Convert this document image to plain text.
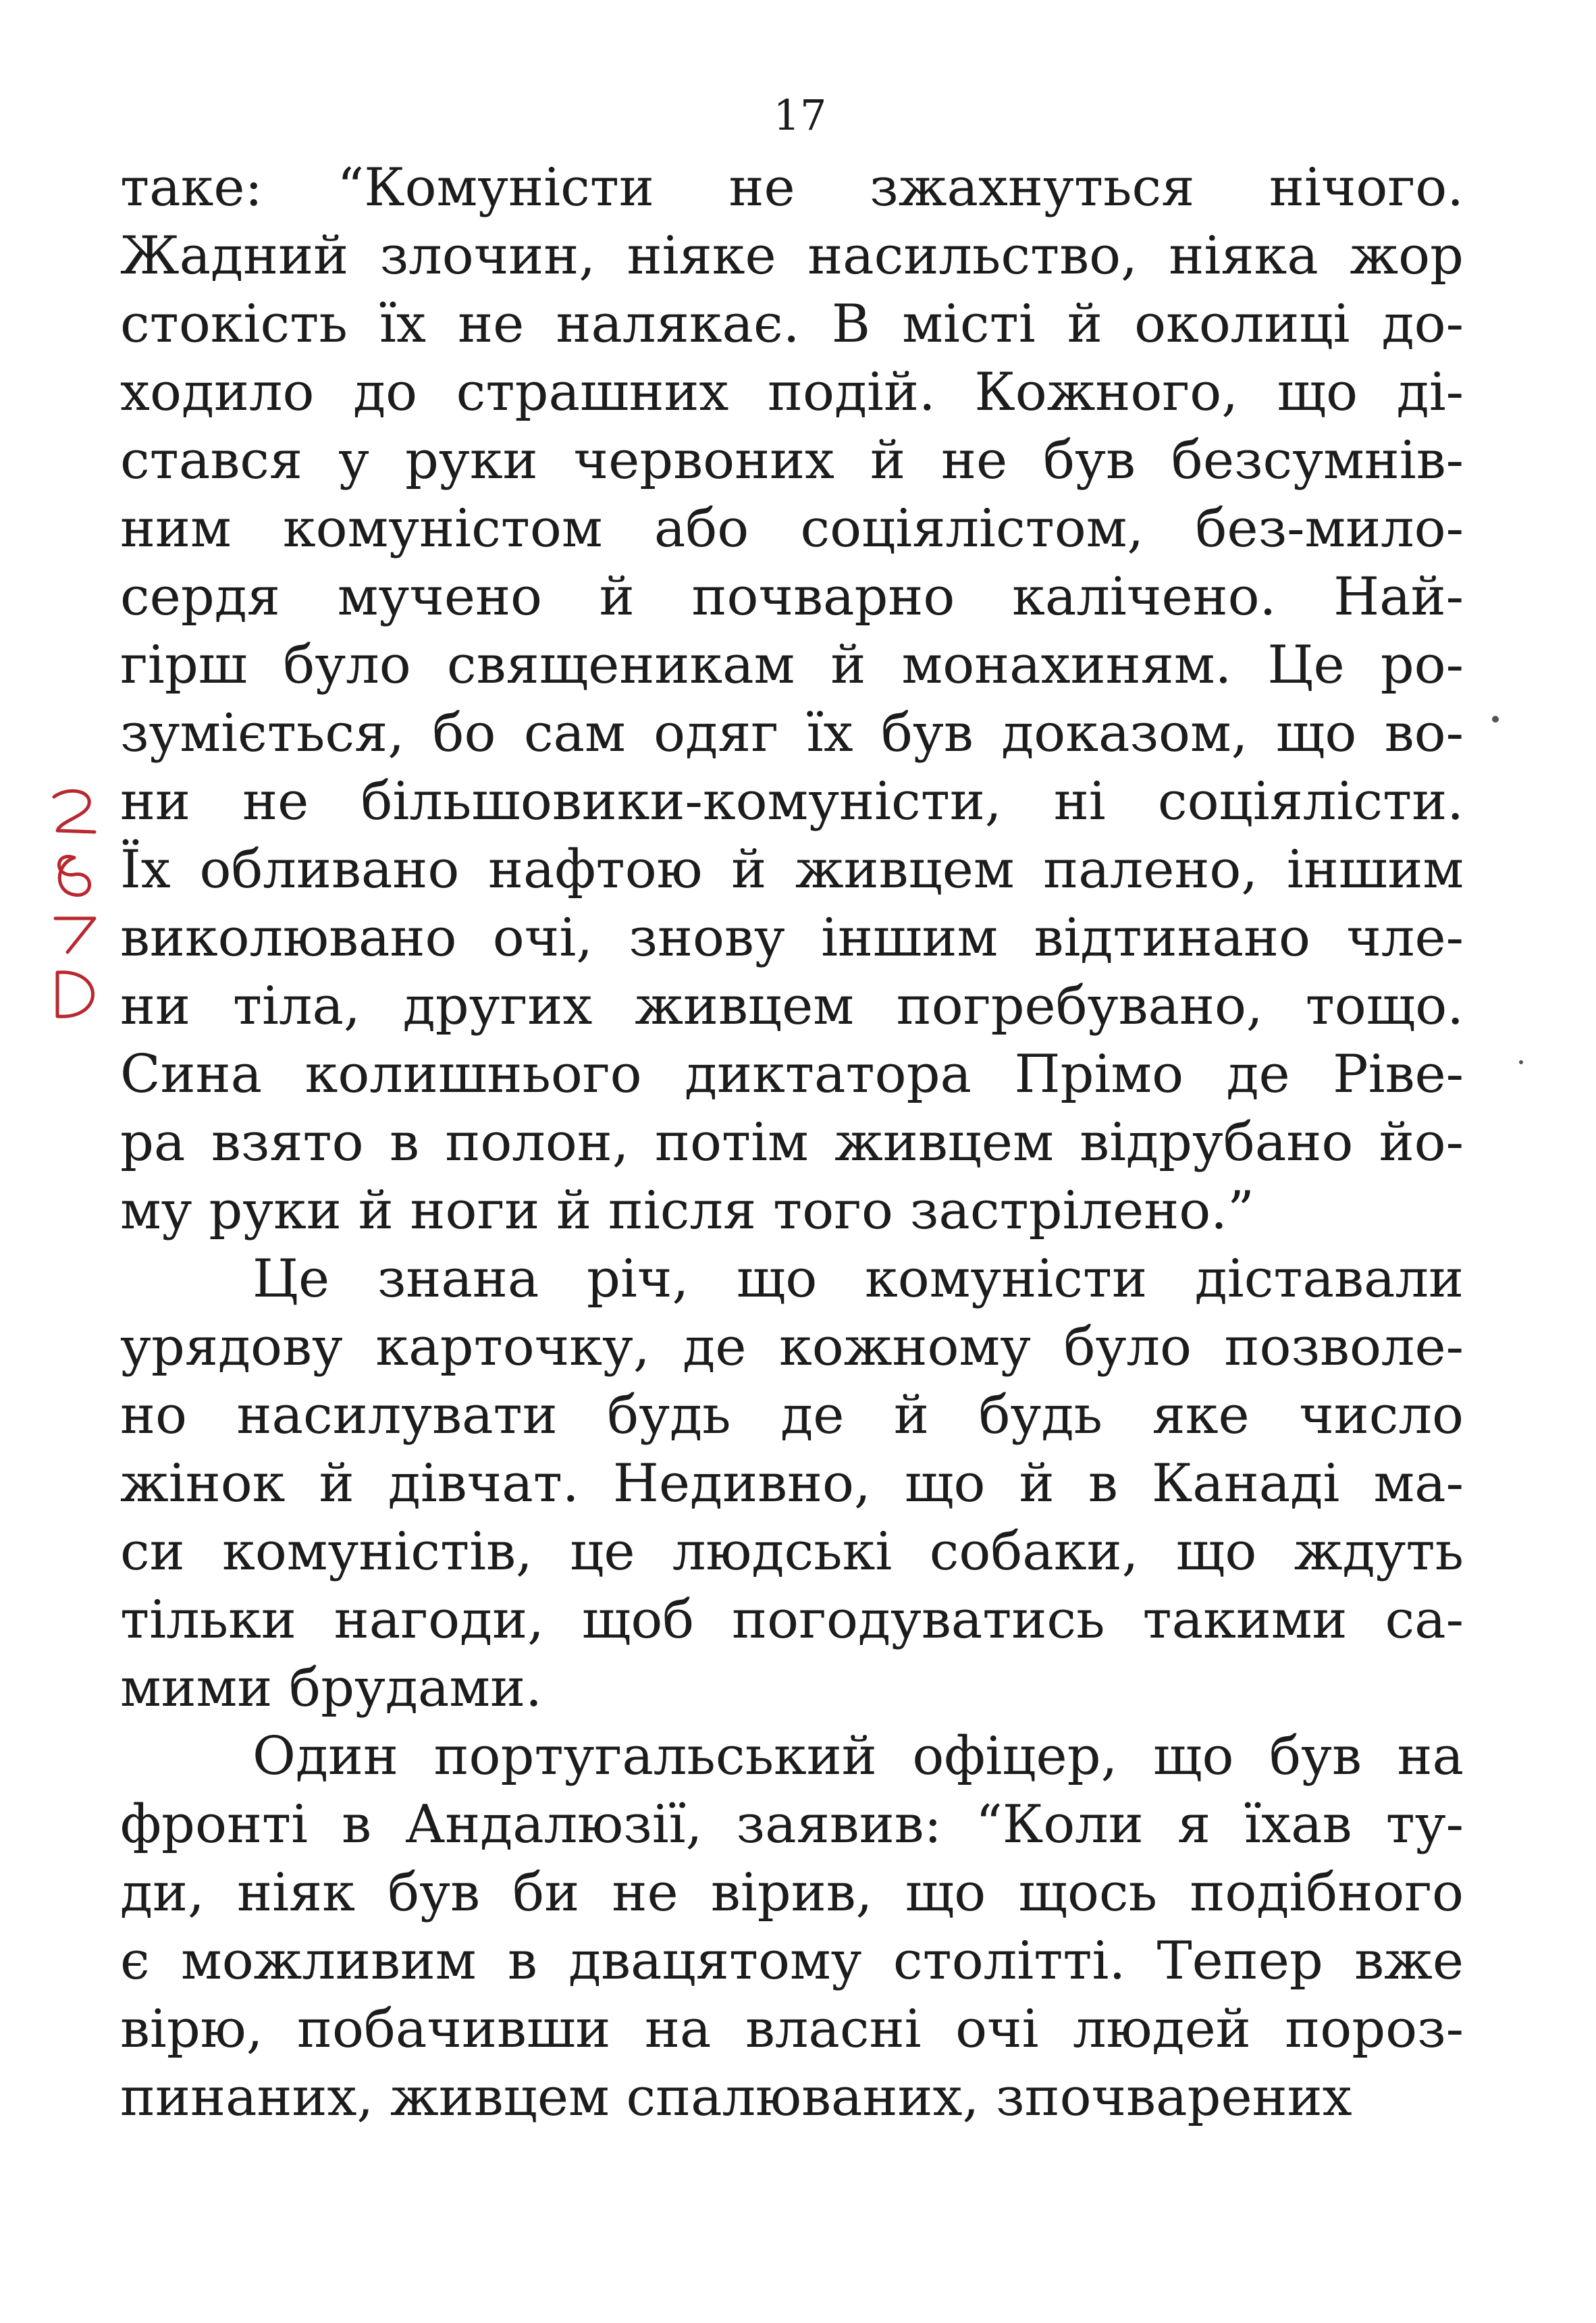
17
таке: “Комуністи не зжахнуться нічого.
Жадний злочин, ніяке насильство, ніяка жор
стокість їх не налякає. В місті й околиці до-
ходило до страшних подій. Кожного, що ді-
стався у руки червоних й не був безсумнів-
ним комуністом або соціялістом, без-мило-
сердя мучено й почварно калічено. Най-
гірш було священикам й монахиням. Це ро-
зуміється, бо сам одяг їх був доказом, що во-
ни не більшовики-комуністи, ні соціялісти.
Їх обливано нафтою й живцем палено, іншим
виколювано очі, знову іншим відтинано чле-
ни тіла, других живцем погребувано, тощо.
Сина колишнього диктатора Прімо де Ріве-
ра взято в полон, потім живцем відрубано йо-
му руки й ноги й після того застрілено.”
Це знана річ, що комуністи діставали
урядову карточку, де кожному було позволе-
но насилувати будь де й будь яке число
жінок й дівчат. Недивно, що й в Канаді ма-
си комуністів, це людські собаки, що ждуть
тільки нагоди, щоб погодуватись такими са-
мими брудами.
Один португальський офіцер, що був на
фронті в Андалюзії, заявив: “Коли я їхав ту-
ди, ніяк був би не вірив, що щось подібного
є можливим в двацятому столітті. Тепер вже
вірю, побачивши на власні очі людей пороз-
пинаних, живцем спалюваних, зпочварених
